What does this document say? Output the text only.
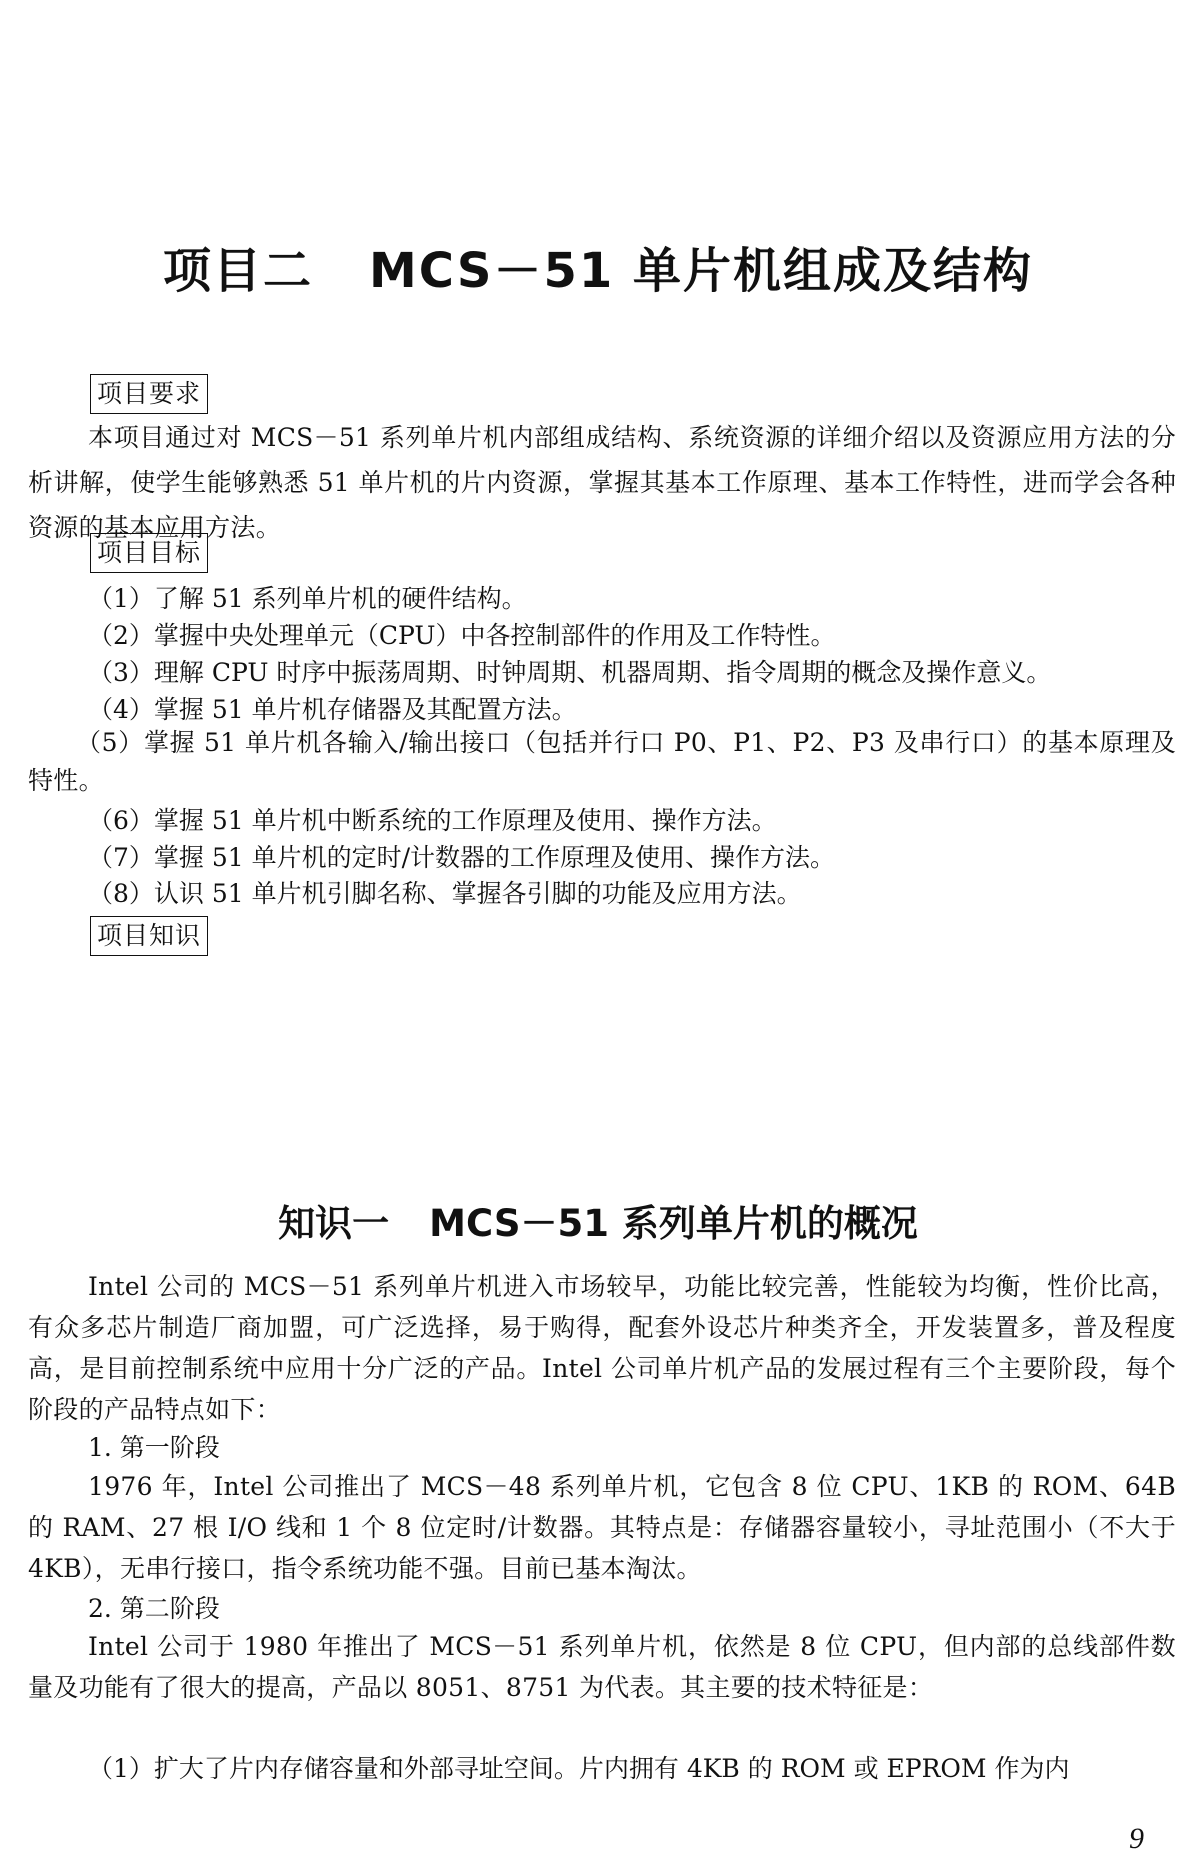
项目二 MCS－51 单片机组成及结构
项目要求

本项目通过对 MCS－51 系列单片机内部组成结构、系统资源的详细介绍以及资源应用方法的分析讲解，使学生能够熟悉 51 单片机的片内资源，掌握其基本工作原理、基本工作特性，进而学会各种资源的基本应用方法。

项目目标
（1）了解 51 系列单片机的硬件结构。
（2）掌握中央处理单元（CPU）中各控制部件的作用及工作特性。
（3）理解 CPU 时序中振荡周期、时钟周期、机器周期、指令周期的概念及操作意义。
（4）掌握 51 单片机存储器及其配置方法。

（5）掌握 51 单片机各输入/输出接口（包括并行口 P0、P1、P2、P3 及串行口）的基本原理及特性。

（6）掌握 51 单片机中断系统的工作原理及使用、操作方法。
（7）掌握 51 单片机的定时/计数器的工作原理及使用、操作方法。
（8）认识 51 单片机引脚名称、掌握各引脚的功能及应用方法。
项目知识
知识一 MCS－51 系列单片机的概况

Intel 公司的 MCS－51 系列单片机进入市场较早，功能比较完善，性能较为均衡，性价比高，有众多芯片制造厂商加盟，可广泛选择，易于购得，配套外设芯片种类齐全，开发装置多，普及程度高，是目前控制系统中应用十分广泛的产品。Intel 公司单片机产品的发展过程有三个主要阶段，每个阶段的产品特点如下：

1. 第一阶段

1976 年，Intel 公司推出了 MCS－48 系列单片机，它包含 8 位 CPU、1KB 的 ROM、64B 的 RAM、27 根 I/O 线和 1 个 8 位定时/计数器。其特点是：存储器容量较小，寻址范围小（不大于 4KB），无串行接口，指令系统功能不强。目前已基本淘汰。

2. 第二阶段

Intel 公司于 1980 年推出了 MCS－51 系列单片机，依然是 8 位 CPU，但内部的总线部件数量及功能有了很大的提高，产品以 8051、8751 为代表。其主要的技术特征是：

（1）扩大了片内存储容量和外部寻址空间。片内拥有 4KB 的 ROM 或 EPROM 作为内
9
